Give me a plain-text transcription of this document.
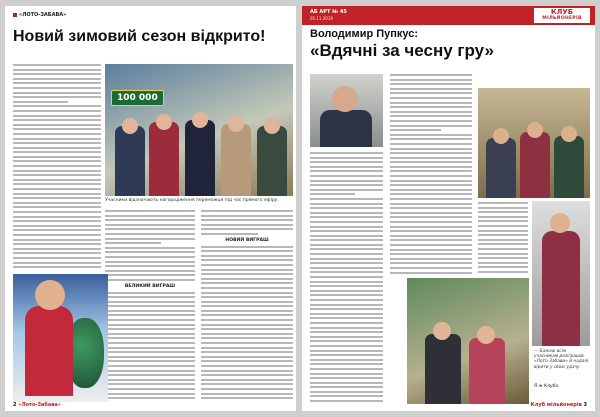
«ЛОТО-ЗАБАВА»
Новий зимовий сезон відкрито!
100 000
Учасники відзначають нагородження переможця під час прямого ефіру.
ВЕЛИКИЙ ВИГРАШ
НОВИЙ ВИГРАШ
2 «Лото-Забава»
АБ АРТ № 45
05.11.2019
КЛУБ
МІЛЬЙОНЕРІВ
Володимир Пупкус:
«Вдячні за чесну гру»
— Бажаю всім учасникам розіграшів «Лото-Забави» й надалі вірити у свою удачу.
Я ж Клуба
Клуб мільйонерів 3
